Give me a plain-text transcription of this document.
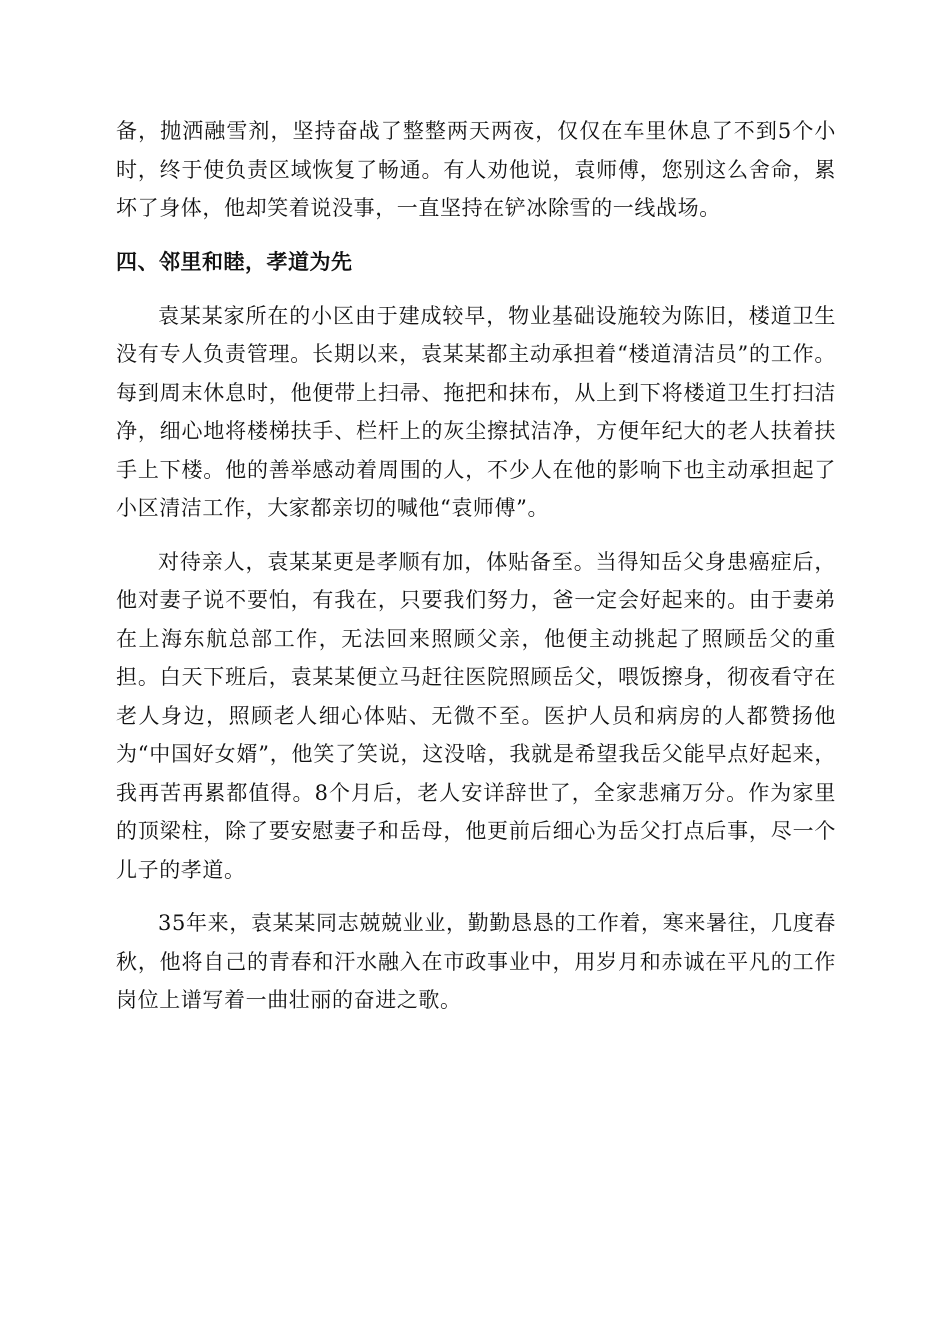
备，抛洒融雪剂，坚持奋战了整整两天两夜，仅仅在车里休息了不到5个小时，终于使负责区域恢复了畅通。有人劝他说，袁师傅，您别这么舍命，累坏了身体，他却笑着说没事，一直坚持在铲冰除雪的一线战场。

四、邻里和睦，孝道为先

袁某某家所在的小区由于建成较早，物业基础设施较为陈旧，楼道卫生没有专人负责管理。长期以来，袁某某都主动承担着“楼道清洁员”的工作。每到周末休息时，他便带上扫帚、拖把和抹布，从上到下将楼道卫生打扫洁净，细心地将楼梯扶手、栏杆上的灰尘擦拭洁净，方便年纪大的老人扶着扶手上下楼。他的善举感动着周围的人，不少人在他的影响下也主动承担起了小区清洁工作，大家都亲切的喊他“袁师傅”。

对待亲人，袁某某更是孝顺有加，体贴备至。当得知岳父身患癌症后，他对妻子说不要怕，有我在，只要我们努力，爸一定会好起来的。由于妻弟在上海东航总部工作，无法回来照顾父亲，他便主动挑起了照顾岳父的重担。白天下班后，袁某某便立马赶往医院照顾岳父，喂饭擦身，彻夜看守在老人身边，照顾老人细心体贴、无微不至。医护人员和病房的人都赞扬他为“中国好女婿”，他笑了笑说，这没啥，我就是希望我岳父能早点好起来，我再苦再累都值得。8个月后，老人安详辞世了，全家悲痛万分。作为家里的顶梁柱，除了要安慰妻子和岳母，他更前后细心为岳父打点后事，尽一个儿子的孝道。

35年来，袁某某同志兢兢业业，勤勤恳恳的工作着，寒来暑往，几度春秋，他将自己的青春和汗水融入在市政事业中，用岁月和赤诚在平凡的工作岗位上谱写着一曲壮丽的奋进之歌。
